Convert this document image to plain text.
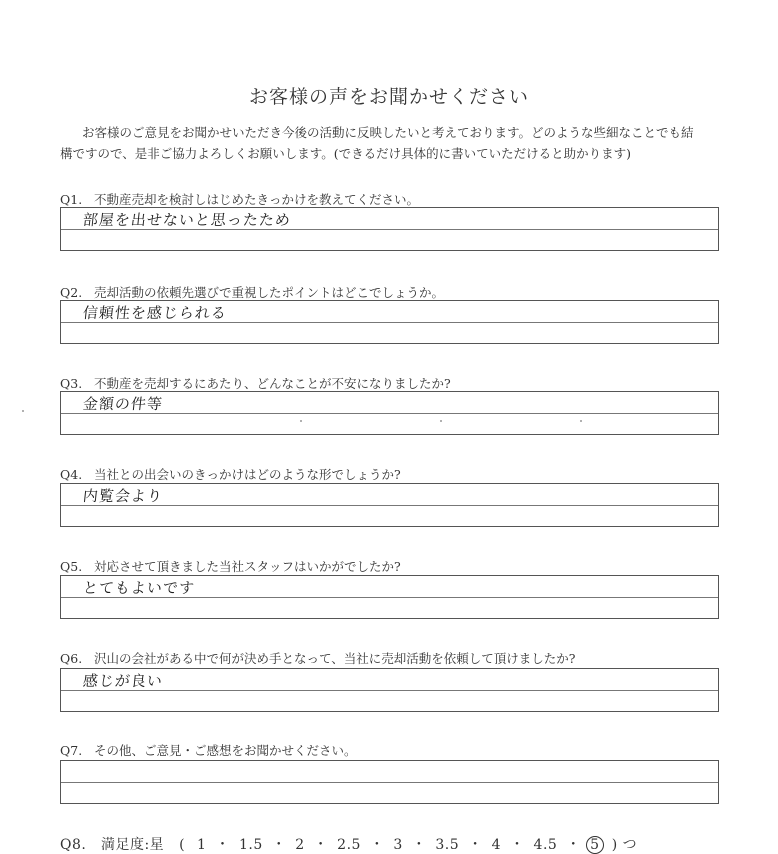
お客様の声をお聞かせください
お客様のご意見をお聞かせいただき今後の活動に反映したいと考えております。どのような些細なことでも結
構ですので、是非ご協力よろしくお願いします。(できるだけ具体的に書いていただけると助かります)
Q1. 不動産売却を検討しはじめたきっかけを教えてください。
部屋を出せないと思ったため
Q2. 売却活動の依頼先選びで重視したポイントはどこでしょうか。
信頼性を感じられる
Q3. 不動産を売却するにあたり、どんなことが不安になりましたか?
金額の件等
Q4. 当社との出会いのきっかけはどのような形でしょうか?
内覧会より
Q5. 対応させて頂きました当社スタッフはいかがでしたか?
とてもよいです
Q6. 沢山の会社がある中で何が決め手となって、当社に売却活動を依頼して頂けましたか?
感じが良い
Q7. その他、ご意見・ご感想をお聞かせください。
Q8. 満足度:星 ( 1 ・ 1.5 ・ 2 ・ 2.5 ・ 3 ・ 3.5 ・ 4 ・ 4.5 ・ 5 ) つ
